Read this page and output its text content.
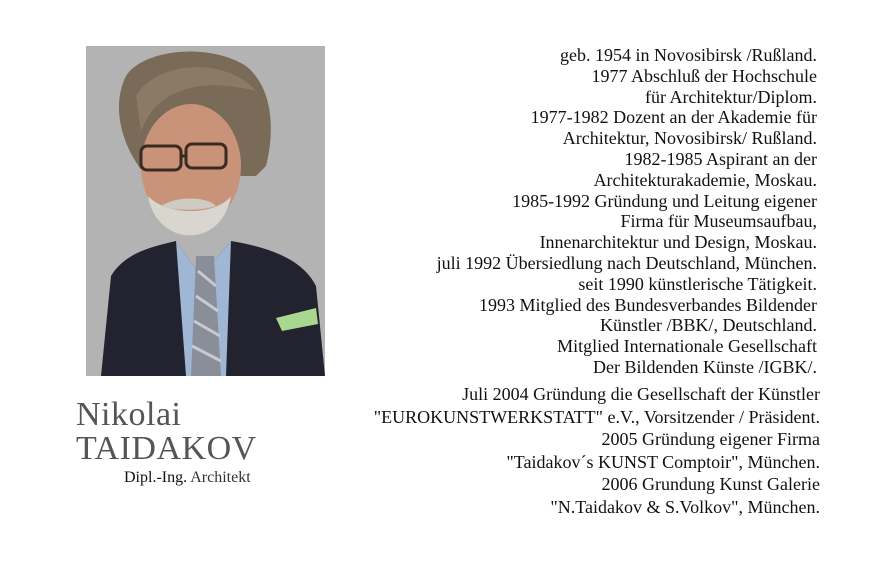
Nikolai
TAIDAKOV
Dipl.-Ing. Architekt
geb. 1954 in Novosibirsk /Rußland.
1977 Abschluß der Hochschule
für Architektur/Diplom.
1977-1982 Dozent an der Akademie für
Architektur, Novosibirsk/ Rußland.
1982-1985 Aspirant an der
Architekturakademie, Moskau.
1985-1992 Gründung und Leitung eigener
Firma für Museumsaufbau,
Innenarchitektur und Design, Moskau.
juli 1992 Übersiedlung nach Deutschland, München.
seit 1990 künstlerische Tätigkeit.
1993 Mitglied des Bundesverbandes Bildender
Künstler /BBK/, Deutschland.
Mitglied Internationale Gesellschaft
Der Bildenden Künste /IGBK/.
Juli 2004 Gründung die Gesellschaft der Künstler
"EUROKUNSTWERKSTATT" e.V., Vorsitzender / Präsident.
2005 Gründung eigener Firma
"Taidakov´s KUNST Comptoir", München.
2006 Grundung Kunst Galerie
"N.Taidakov & S.Volkov", München.
